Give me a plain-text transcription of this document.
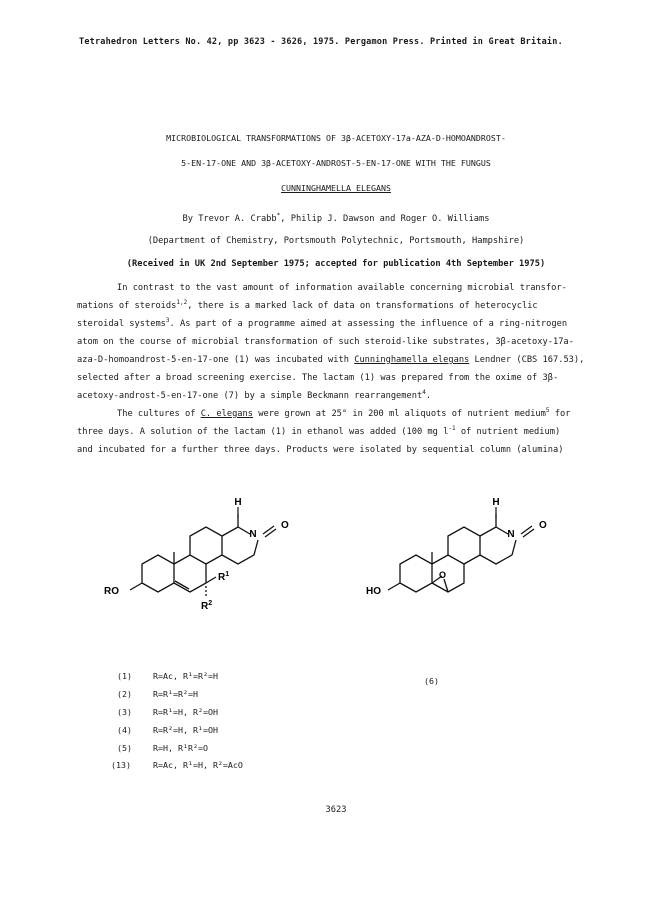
Tetrahedron Letters No. 42, pp 3623 - 3626, 1975. Pergamon Press. Printed in Great Britain.
MICROBIOLOGICAL TRANSFORMATIONS OF 3β-ACETOXY-17a-AZA-D-HOMOANDROST-
5-EN-17-ONE AND 3β-ACETOXY-ANDROST-5-EN-17-ONE WITH THE FUNGUS
CUNNINGHAMELLA ELEGANS
By Trevor A. Crabb*, Philip J. Dawson and Roger O. Williams
(Department of Chemistry, Portsmouth Polytechnic, Portsmouth, Hampshire)
(Received in UK 2nd September 1975; accepted for publication 4th September 1975)
In contrast to the vast amount of information available concerning microbial transfor-
mations of steroids$^{1,2}$, there is a marked lack of data on transformations of heterocyclic
steroidal systems$^3$. As part of a programme aimed at assessing the influence of a ring-nitrogen
atom on the course of microbial transformation of such steroid-like substrates, 3β-acetoxy-17a-
aza-D-homoandrost-5-en-17-one (1) was incubated with Cunninghamella elegans Lendner (CBS 167.53),
selected after a broad screening exercise. The lactam (1) was prepared from the oxime of 3β-
acetoxy-androst-5-en-17-one (7) by a simple Beckmann rearrangement$^4$.
The cultures of C. elegans were grown at 25° in 200 ml aliquots of nutrient medium$^5$ for
three days. A solution of the lactam (1) in ethanol was added (100 mg $l^{-1}$ of nutrient medium)
and incubated for a further three days. Products were isolated by sequential column (alumina)
H
N
O
RO
$R^1$
$R^2$
H
N
O
HO
O
(6)
(1)	R=Ac, R¹=R²=H
(2)	R=R¹=R²=H
(3)	R=R¹=H, R²=OH
(4)	R=R²=H, R¹=OH
(5)	R=H, R¹R²=O
(13)	R=Ac, R¹=H, R²=AcO
3623
